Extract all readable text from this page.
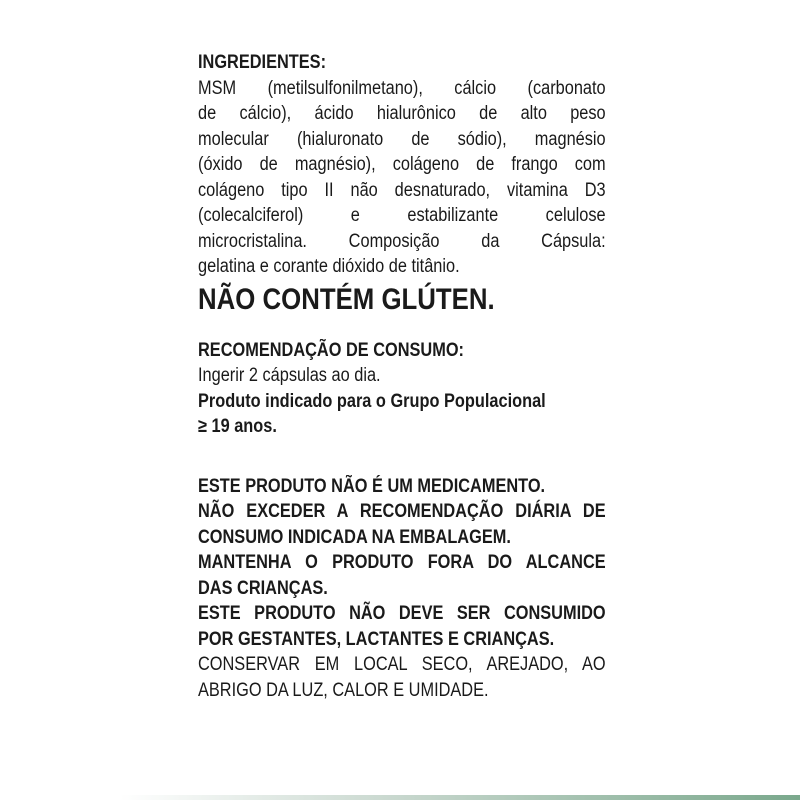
INGREDIENTES:
MSM (metilsulfonilmetano), cálcio (carbonato
de cálcio), ácido hialurônico de alto peso
molecular (hialuronato de sódio), magnésio
(óxido de magnésio), colágeno de frango com
colágeno tipo II não desnaturado, vitamina D3
(colecalciferol) e estabilizante celulose
microcristalina. Composição da Cápsula:
gelatina e corante dióxido de titânio.
NÃO CONTÉM GLÚTEN.
RECOMENDAÇÃO DE CONSUMO:
Ingerir 2 cápsulas ao dia.
Produto indicado para o Grupo Populacional
≥ 19 anos.
ESTE PRODUTO NÃO É UM MEDICAMENTO.
NÃO EXCEDER A RECOMENDAÇÃO DIÁRIA DE
CONSUMO INDICADA NA EMBALAGEM.
MANTENHA O PRODUTO FORA DO ALCANCE
DAS CRIANÇAS.
ESTE PRODUTO NÃO DEVE SER CONSUMIDO
POR GESTANTES, LACTANTES E CRIANÇAS.
CONSERVAR EM LOCAL SECO, AREJADO, AO
ABRIGO DA LUZ, CALOR E UMIDADE.
